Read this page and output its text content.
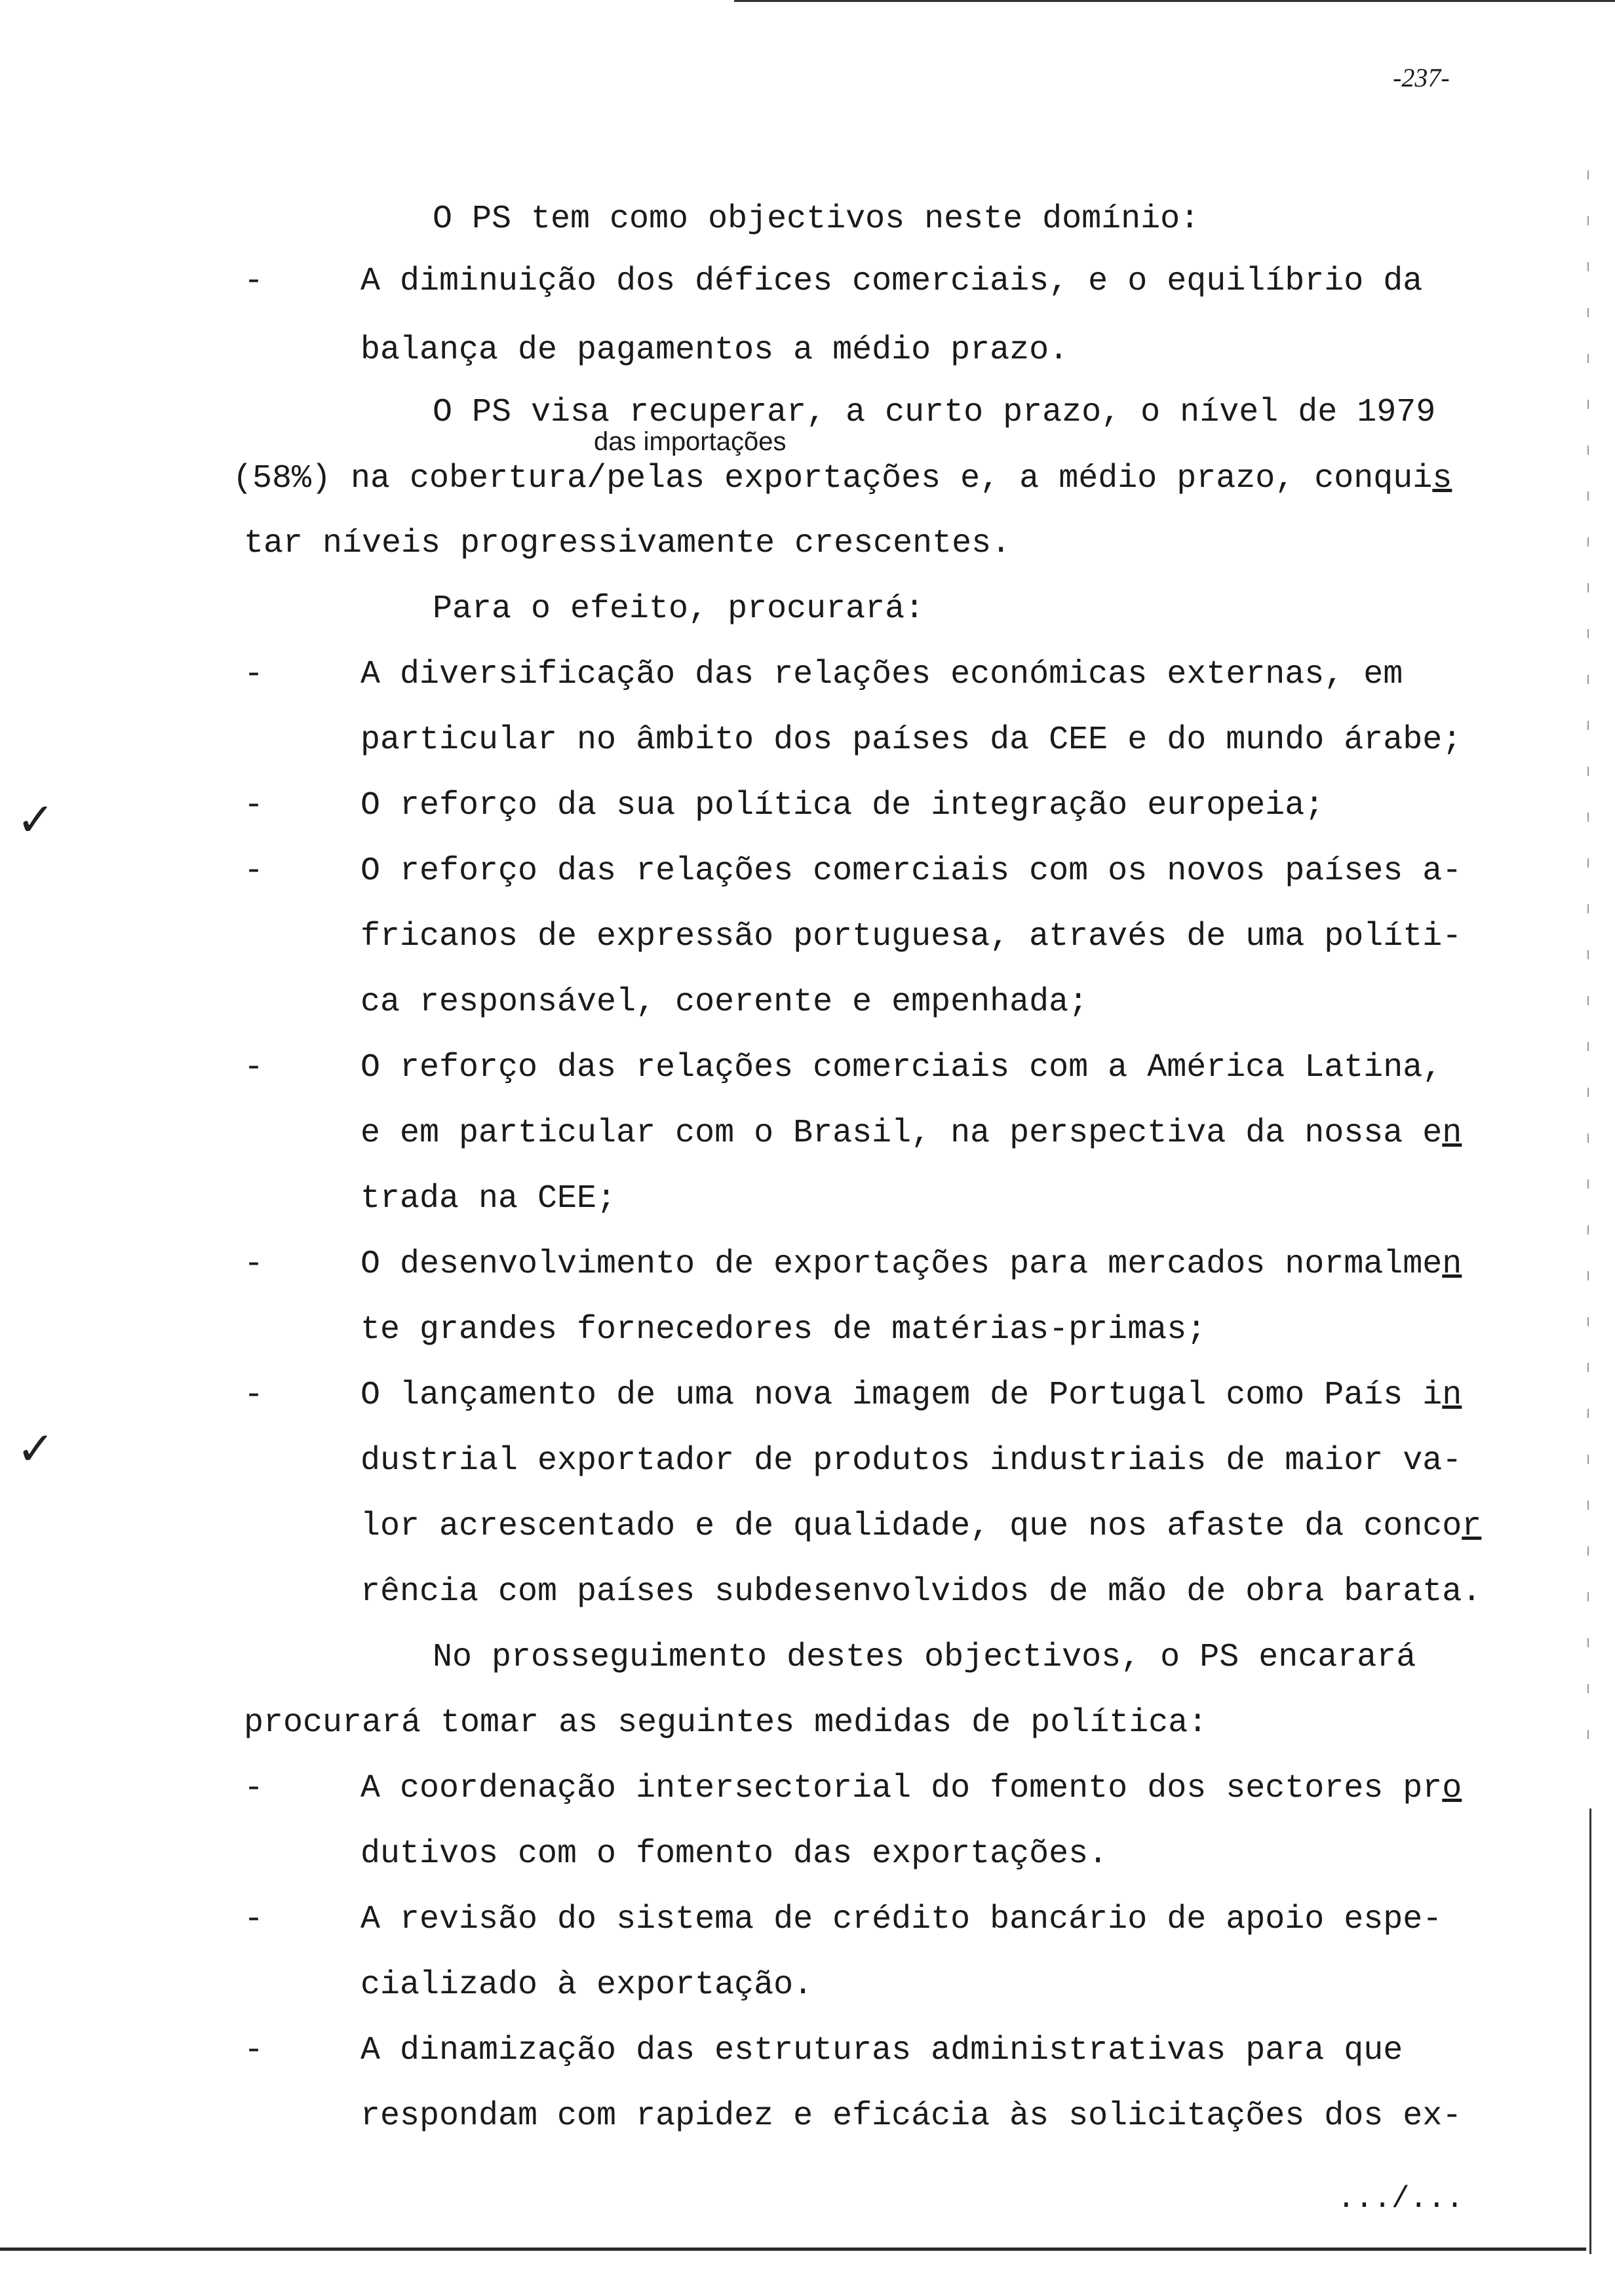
-237-
O PS tem como objectivos neste domínio:
-	A diminuição dos défices comerciais, e o equilíbrio da
balança de pagamentos a médio prazo.
O PS visa recuperar, a curto prazo, o nível de 1979
das importações
(58%) na cobertura/pelas exportações e, a médio prazo, conquis
tar níveis progressivamente crescentes.
Para o efeito, procurará:
-	A diversificação das relações económicas externas, em
particular no âmbito dos países da CEE e do mundo árabe;
-	O reforço da sua política de integração europeia;
-	O reforço das relações comerciais com os novos países a-
fricanos de expressão portuguesa, através de uma políti-
ca responsável, coerente e empenhada;
-	O reforço das relações comerciais com a América Latina,
e em particular com o Brasil, na perspectiva da nossa en
trada na CEE;
-	O desenvolvimento de exportações para mercados normalmen
te grandes fornecedores de matérias-primas;
-	O lançamento de uma nova imagem de Portugal como País in
dustrial exportador de produtos industriais de maior va-
lor acrescentado e de qualidade, que nos afaste da concor
rência com países subdesenvolvidos de mão de obra barata.
No prosseguimento destes objectivos, o PS encarará
procurará tomar as seguintes medidas de política:
-	A coordenação intersectorial do fomento dos sectores pro
dutivos com o fomento das exportações.
-	A revisão do sistema de crédito bancário de apoio espe-
cializado à exportação.
-	A dinamização das estruturas administrativas para que
respondam com rapidez e eficácia às solicitações dos ex-
.../...
✓
✓
